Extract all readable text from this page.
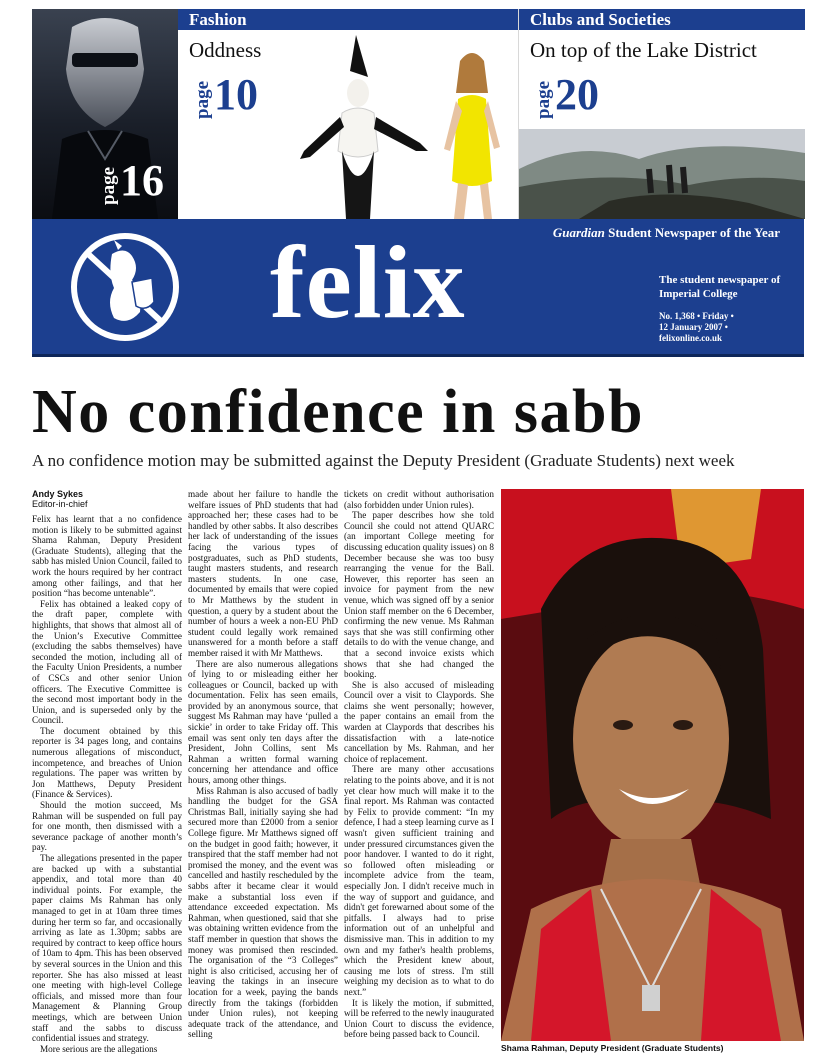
page 16
Fashion
Oddness
page 10
Clubs and Societies
On top of the Lake District
page 20
felix	Guardian Student Newspaper of the Year
The student newspaper of Imperial College
No. 1,368 • Friday •
12 January 2007 •
felixonline.co.uk
No confidence in sabb
A no confidence motion may be submitted against the Deputy President (Graduate Students) next week
Andy Sykes
Editor-in-chief

Felix has learnt that a no confidence motion is likely to be submitted against Shama Rahman, Deputy President (Graduate Students), alleging that the sabb has misled Union Council, failed to work the hours required by her contract among other failings, and that her position “has become untenable”.

Felix has obtained a leaked copy of the draft paper, complete with highlights, that shows that almost all of the Union’s Executive Committee (excluding the sabbs themselves) have seconded the motion, including all of the Faculty Union Presidents, a number of CSCs and other senior Union officers. The Executive Committee is the second most important body in the Union, and is superseded only by the Council.

The document obtained by this reporter is 34 pages long, and contains numerous allegations of misconduct, incompetence, and breaches of Union regulations. The paper was written by Jon Matthews, Deputy President (Finance & Services).

Should the motion succeed, Ms Rahman will be suspended on full pay for one month, then dismissed with a severance package of another month’s pay.

The allegations presented in the paper are backed up with a substantial appendix, and total more than 40 individual points. For example, the paper claims Ms Rahman has only managed to get in at 10am three times during her term so far, and occasionally arriving as late as 1.30pm; sabbs are required by contract to keep office hours of 10am to 4pm. This has been observed by several sources in the Union and this reporter. She has also missed at least one meeting with high-level College officials, and missed more than four Management & Planning Group meetings, which are between Union staff and the sabbs to discuss confidential issues and strategy.

More serious are the allegations

made about her failure to handle the welfare issues of PhD students that had approached her; these cases had to be handled by other sabbs. It also describes her lack of understanding of the issues facing the various types of postgraduates, such as PhD students, taught masters students, and research masters students. In one case, documented by emails that were copied to Mr Matthews by the student in question, a query by a student about the number of hours a week a non-EU PhD student could legally work remained unanswered for a month before a staff member raised it with Mr Matthews.

There are also numerous allegations of lying to or misleading either her colleagues or Council, backed up with documentation. Felix has seen emails, provided by an anonymous source, that suggest Ms Rahman may have ‘pulled a sickie’ in order to take Friday off. This email was sent only ten days after the President, John Collins, sent Ms Rahman a written formal warning concerning her attendance and office hours, among other things.

Miss Rahman is also accused of badly handling the budget for the GSA Christmas Ball, initially saying she had secured more than £2000 from a senior College figure. Mr Matthews signed off on the budget in good faith; however, it transpired that the staff member had not promised the money, and the event was cancelled and hastily rescheduled by the sabbs after it became clear it would make a substantial loss even if attendance exceeded expectation. Ms Rahman, when questioned, said that she was obtaining written evidence from the staff member in question that shows the money was promised then rescinded. The organisation of the “3 Colleges” night is also criticised, accusing her of leaving the takings in an insecure location for a week, paying the bands directly from the takings (forbidden under Union rules), not keeping adequate track of the attendance, and selling

tickets on credit without authorisation (also forbidden under Union rules).

The paper describes how she told Council she could not attend QUARC (an important College meeting for discussing education quality issues) on 8 December because she was too busy rearranging the venue for the Ball. However, this reporter has seen an invoice for payment from the new venue, which was signed off by a senior Union staff member on the 6 December, confirming the new venue. Ms Rahman says that she was still confirming other details to do with the venue change, and that a second invoice exists which shows that she had changed the booking.

She is also accused of misleading Council over a visit to Claypords. She claims she went personally; however, the paper contains an email from the warden at Claypords that describes his dissatisfaction with a late-notice cancellation by Ms. Rahman, and her choice of replacement.

There are many other accusations relating to the points above, and it is not yet clear how much will make it to the final report. Ms Rahman was contacted by Felix to provide comment: “In my defence, I had a steep learning curve as I wasn't given sufficient training and under pressured circumstances given the poor handover. I wanted to do it right, so followed often misleading or incomplete advice from the team, especially Jon. I didn't receive much in the way of support and guidance, and didn't get forewarned about some of the pitfalls. I always had to prise information out of an unhelpful and dismissive man. This in addition to my own and my father's health problems, which the President knew about, causing me lots of stress. I'm still weighing my decision as to what to do next.”

It is likely the motion, if submitted, will be referred to the newly inaugurated Union Court to discuss the evidence, before being passed back to Council.

Shama Rahman, Deputy President (Graduate Students)
